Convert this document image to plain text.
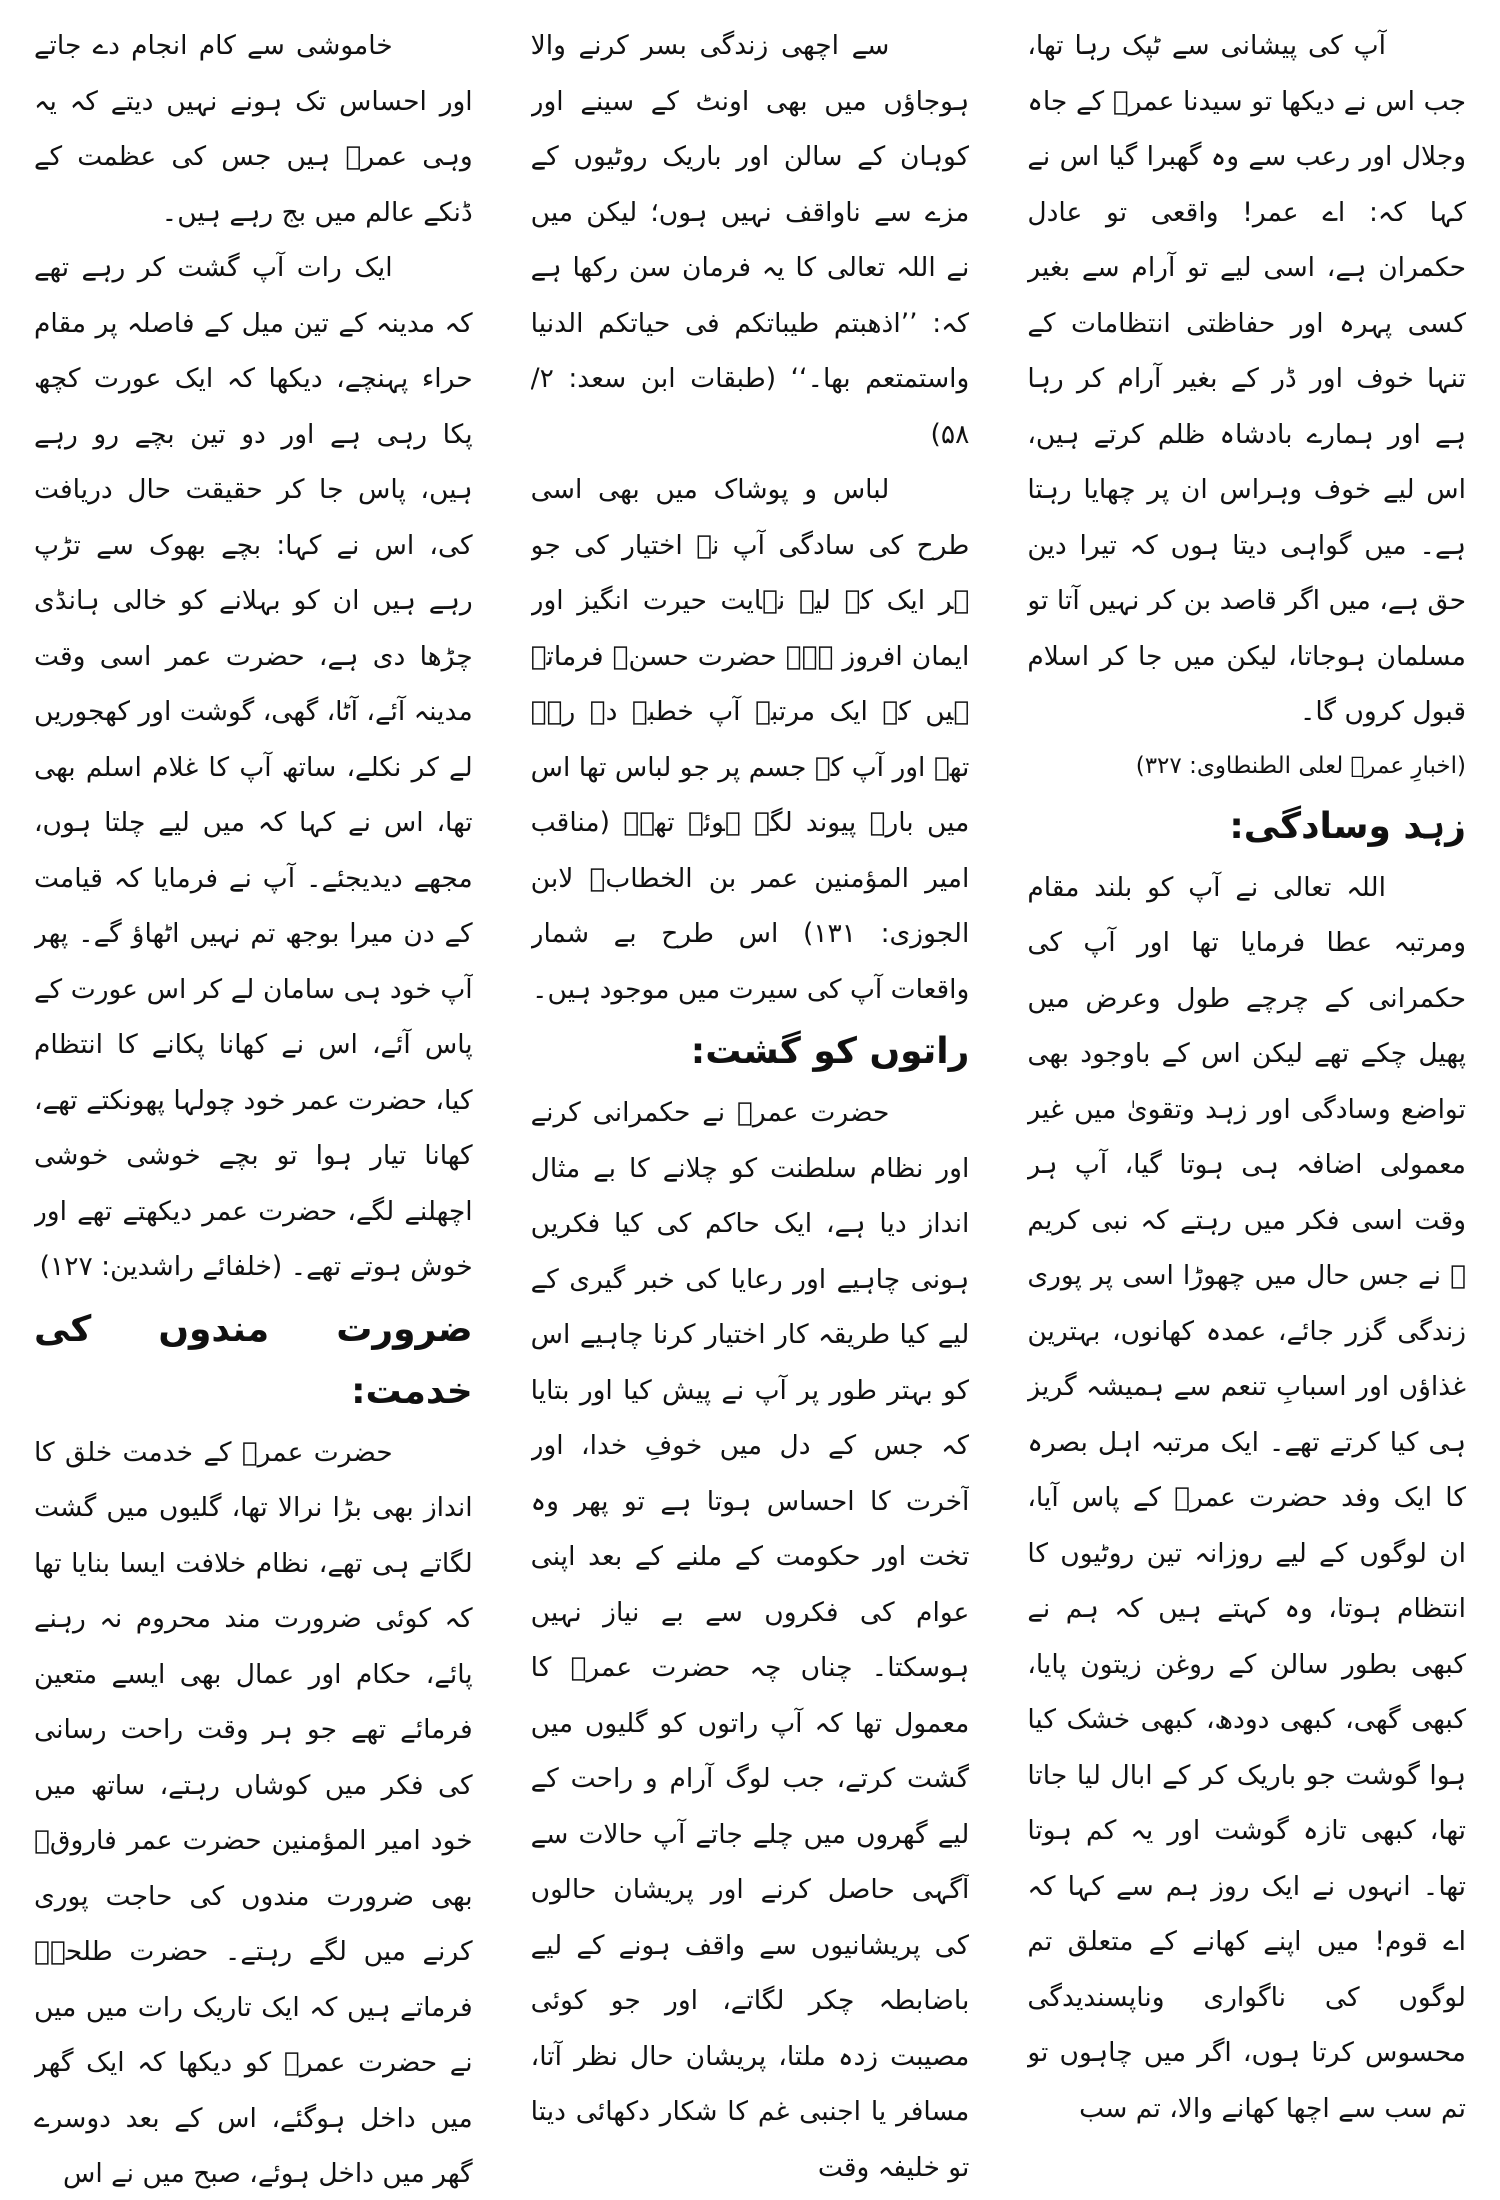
آپ کی پیشانی سے ٹپک رہا تھا، جب اس نے دیکھا تو سیدنا عمرؓ کے جاہ وجلال اور رعب سے وہ گھبرا گیا اس نے کہا کہ: اے عمر! واقعی تو عادل حکمران ہے، اسی لیے تو آرام سے بغیر کسی پہرہ اور حفاظتی انتظامات کے تنہا خوف اور ڈر کے بغیر آرام کر رہا ہے اور ہمارے بادشاہ ظلم کرتے ہیں، اس لیے خوف وہراس ان پر چھایا رہتا ہے۔ میں گواہی دیتا ہوں کہ تیرا دین حق ہے، میں اگر قاصد بن کر نہیں آتا تو مسلمان ہوجاتا، لیکن میں جا کر اسلام قبول کروں گا۔

(اخبارِ عمرؓ لعلی الطنطاوی: ۳۲۷)

زہد وسادگی:

اللہ تعالی نے آپ کو بلند مقام ومرتبہ عطا فرمایا تھا اور آپ کی حکمرانی کے چرچے طول وعرض میں پھیل چکے تھے لیکن اس کے باوجود بھی تواضع وسادگی اور زہد وتقویٰ میں غیر معمولی اضافہ ہی ہوتا گیا، آپ ہر وقت اسی فکر میں رہتے کہ نبی کریم ﷺ نے جس حال میں چھوڑا اسی پر پوری زندگی گزر جائے، عمدہ کھانوں، بہترین غذاؤں اور اسبابِ تنعم سے ہمیشہ گریز ہی کیا کرتے تھے۔ ایک مرتبہ اہل بصرہ کا ایک وفد حضرت عمرؓ کے پاس آیا، ان لوگوں کے لیے روزانہ تین روٹیوں کا انتظام ہوتا، وہ کہتے ہیں کہ ہم نے کبھی بطور سالن کے روغن زیتون پایا، کبھی گھی، کبھی دودھ، کبھی خشک کیا ہوا گوشت جو باریک کر کے ابال لیا جاتا تھا، کبھی تازہ گوشت اور یہ کم ہوتا تھا۔ انہوں نے ایک روز ہم سے کہا کہ اے قوم! میں اپنے کھانے کے متعلق تم لوگوں کی ناگواری وناپسندیدگی محسوس کرتا ہوں، اگر میں چاہوں تو تم سب سے اچھا کھانے والا، تم سب

سے اچھی زندگی بسر کرنے والا ہوجاؤں میں بھی اونٹ کے سینے اور کوہان کے سالن اور باریک روٹیوں کے مزے سے ناواقف نہیں ہوں؛ لیکن میں نے اللہ تعالی کا یہ فرمان سن رکھا ہے کہ: ’’اذھبتم طیباتکم فی حیاتکم الدنیا واستمتعم بھا۔‘‘ (طبقات ابن سعد: ۲/ ۵۸)

لباس و پوشاک میں بھی اسی طرح کی سادگی آپ نے اختیار کی جو ہر ایک کے لیے نہایت حیرت انگیز اور ایمان افروز ہے۔ حضرت حسنؓ فرماتے ہیں کہ ایک مرتبہ آپ خطبہ دے رہے تھے اور آپ کے جسم پر جو لباس تھا اس میں بارہ پیوند لگے ہوئے تھے۔ (مناقب امیر المؤمنین عمر بن الخطابؓ لابن الجوزی: ۱۳۱) اس طرح بے شمار واقعات آپ کی سیرت میں موجود ہیں۔

راتوں کو گشت:

حضرت عمرؓ نے حکمرانی کرنے اور نظام سلطنت کو چلانے کا بے مثال انداز دیا ہے، ایک حاکم کی کیا فکریں ہونی چاہیے اور رعایا کی خبر گیری کے لیے کیا طریقہ کار اختیار کرنا چاہیے اس کو بہتر طور پر آپ نے پیش کیا اور بتایا کہ جس کے دل میں خوفِ خدا، اور آخرت کا احساس ہوتا ہے تو پھر وہ تخت اور حکومت کے ملنے کے بعد اپنی عوام کی فکروں سے بے نیاز نہیں ہوسکتا۔ چناں چہ حضرت عمرؓ کا معمول تھا کہ آپ راتوں کو گلیوں میں گشت کرتے، جب لوگ آرام و راحت کے لیے گھروں میں چلے جاتے آپ حالات سے آگہی حاصل کرنے اور پریشان حالوں کی پریشانیوں سے واقف ہونے کے لیے باضابطہ چکر لگاتے، اور جو کوئی مصیبت زدہ ملتا، پریشان حال نظر آتا، مسافر یا اجنبی غم کا شکار دکھائی دیتا تو خلیفہ وقت

خاموشی سے کام انجام دے جاتے اور احساس تک ہونے نہیں دیتے کہ یہ وہی عمرؓ ہیں جس کی عظمت کے ڈنکے عالم میں بج رہے ہیں۔

ایک رات آپ گشت کر رہے تھے کہ مدینہ کے تین میل کے فاصلہ پر مقام حراء پہنچے، دیکھا کہ ایک عورت کچھ پکا رہی ہے اور دو تین بچے رو رہے ہیں، پاس جا کر حقیقت حال دریافت کی، اس نے کہا: بچے بھوک سے تڑپ رہے ہیں ان کو بہلانے کو خالی ہانڈی چڑھا دی ہے، حضرت عمر اسی وقت مدینہ آئے، آٹا، گھی، گوشت اور کھجوریں لے کر نکلے، ساتھ آپ کا غلام اسلم بھی تھا، اس نے کہا کہ میں لیے چلتا ہوں، مجھے دیدیجئے۔ آپ نے فرمایا کہ قیامت کے دن میرا بوجھ تم نہیں اٹھاؤ گے۔ پھر آپ خود ہی سامان لے کر اس عورت کے پاس آئے، اس نے کھانا پکانے کا انتظام کیا، حضرت عمر خود چولہا پھونکتے تھے، کھانا تیار ہوا تو بچے خوشی خوشی اچھلنے لگے، حضرت عمر دیکھتے تھے اور خوش ہوتے تھے۔ (خلفائے راشدین: ۱۲۷)

ضرورت مندوں کی خدمت:

حضرت عمرؓ کے خدمت خلق کا انداز بھی بڑا نرالا تھا، گلیوں میں گشت لگاتے ہی تھے، نظام خلافت ایسا بنایا تھا کہ کوئی ضرورت مند محروم نہ رہنے پائے، حکام اور عمال بھی ایسے متعین فرمائے تھے جو ہر وقت راحت رسانی کی فکر میں کوشاں رہتے، ساتھ میں خود امیر المؤمنین حضرت عمر فاروقؓ بھی ضرورت مندوں کی حاجت پوری کرنے میں لگے رہتے۔ حضرت طلحہؓ فرماتے ہیں کہ ایک تاریک رات میں میں نے حضرت عمرؓ کو دیکھا کہ ایک گھر میں داخل ہوگئے، اس کے بعد دوسرے گھر میں داخل ہوئے، صبح میں نے اس
